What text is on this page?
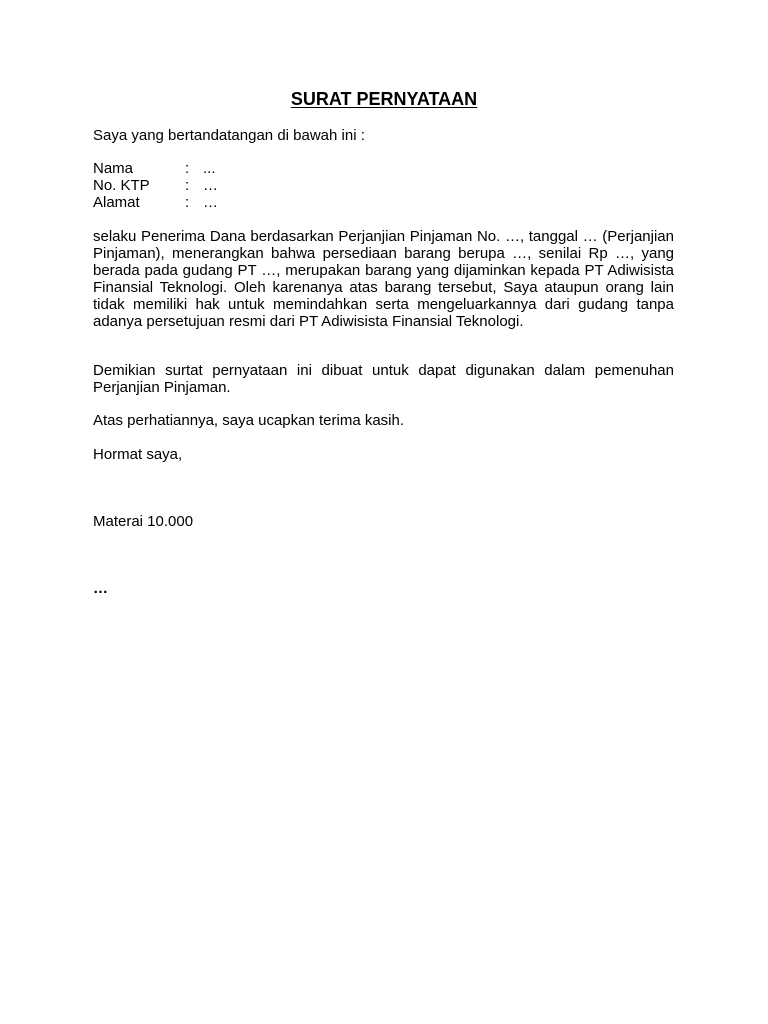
SURAT PERNYATAAN

Saya yang bertandatangan di bawah ini :

Nama	: ...
No. KTP	: …
Alamat	: …

selaku Penerima Dana berdasarkan Perjanjian Pinjaman No. …, tanggal … (Perjanjian Pinjaman), menerangkan bahwa persediaan barang berupa …, senilai Rp …, yang berada pada gudang PT …, merupakan barang yang dijaminkan kepada PT Adiwisista Finansial Teknologi. Oleh karenanya atas barang tersebut, Saya ataupun orang lain tidak memiliki hak untuk memindahkan serta mengeluarkannya dari gudang tanpa adanya persetujuan resmi dari PT Adiwisista Finansial Teknologi.

Demikian surtat pernyataan ini dibuat untuk dapat digunakan dalam pemenuhan Perjanjian Pinjaman.

Atas perhatiannya, saya ucapkan terima kasih.

Hormat saya,

Materai 10.000

…
